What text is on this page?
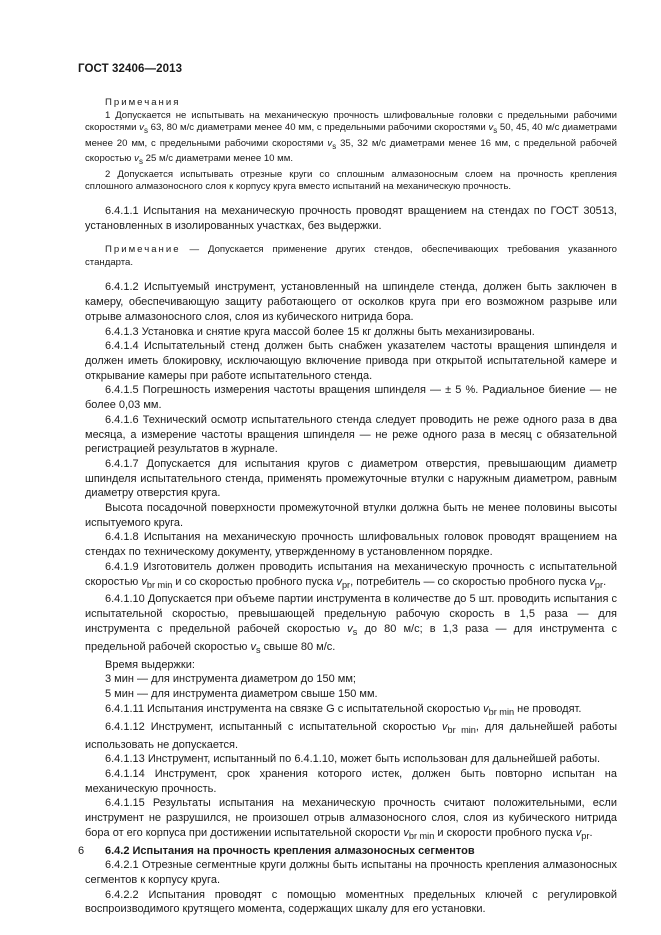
ГОСТ 32406—2013

Примечания

1 Допускается не испытывать на механическую прочность шлифовальные головки с предельными рабочими скоростями $v_s$ 63, 80 м/с диаметрами менее 40 мм, с предельными рабочими скоростями $v_s$ 50, 45, 40 м/с диаметрами менее 20 мм, с предельными рабочими скоростями $v_s$ 35, 32 м/с диаметрами менее 16 мм, с предельной рабочей скоростью $v_s$ 25 м/с диаметрами менее 10 мм.

2 Допускается испытывать отрезные круги со сплошным алмазоносным слоем на прочность крепления сплошного алмазоносного слоя к корпусу круга вместо испытаний на механическую прочность.

6.4.1.1 Испытания на механическую прочность проводят вращением на стендах по ГОСТ 30513, установленных в изолированных участках, без выдержки.

Примечание — Допускается применение других стендов, обеспечивающих требования указанного стандарта.

6.4.1.2 Испытуемый инструмент, установленный на шпинделе стенда, должен быть заключен в камеру, обеспечивающую защиту работающего от осколков круга при его возможном разрыве или отрыве алмазоносного слоя, слоя из кубического нитрида бора.

6.4.1.3 Установка и снятие круга массой более 15 кг должны быть механизированы.

6.4.1.4 Испытательный стенд должен быть снабжен указателем частоты вращения шпинделя и должен иметь блокировку, исключающую включение привода при открытой испытательной камере и открывание камеры при работе испытательного стенда.

6.4.1.5 Погрешность измерения частоты вращения шпинделя — ± 5 %. Радиальное биение — не более 0,03 мм.

6.4.1.6 Технический осмотр испытательного стенда следует проводить не реже одного раза в два месяца, а измерение частоты вращения шпинделя — не реже одного раза в месяц с обязательной регистрацией результатов в журнале.

6.4.1.7 Допускается для испытания кругов с диаметром отверстия, превышающим диаметр шпинделя испытательного стенда, применять промежуточные втулки с наружным диаметром, равным диаметру отверстия круга.

Высота посадочной поверхности промежуточной втулки должна быть не менее половины высоты испытуемого круга.

6.4.1.8 Испытания на механическую прочность шлифовальных головок проводят вращением на стендах по техническому документу, утвержденному в установленном порядке.

6.4.1.9 Изготовитель должен проводить испытания на механическую прочность с испытательной скоростью $v_{br min}$ и со скоростью пробного пуска $v_{pr}$, потребитель — со скоростью пробного пуска $v_{pr}$.

6.4.1.10 Допускается при объеме партии инструмента в количестве до 5 шт. проводить испытания с испытательной скоростью, превышающей предельную рабочую скорость в 1,5 раза — для инструмента с предельной рабочей скоростью $v_s$ до 80 м/с; в 1,3 раза — для инструмента с предельной рабочей скоростью $v_s$ свыше 80 м/с.

Время выдержки:

3 мин — для инструмента диаметром до 150 мм;

5 мин — для инструмента диаметром свыше 150 мм.

6.4.1.11 Испытания инструмента на связке G с испытательной скоростью $v_{br min}$ не проводят.

6.4.1.12 Инструмент, испытанный с испытательной скоростью $v_{br min}$, для дальнейшей работы использовать не допускается.

6.4.1.13 Инструмент, испытанный по 6.4.1.10, может быть использован для дальнейшей работы.

6.4.1.14 Инструмент, срок хранения которого истек, должен быть повторно испытан на механическую прочность.

6.4.1.15 Результаты испытания на механическую прочность считают положительными, если инструмент не разрушился, не произошел отрыв алмазоносного слоя, слоя из кубического нитрида бора от его корпуса при достижении испытательной скорости $v_{br min}$ и скорости пробного пуска $v_{pr}$.

6.4.2 Испытания на прочность крепления алмазоносных сегментов

6.4.2.1 Отрезные сегментные круги должны быть испытаны на прочность крепления алмазоносных сегментов к корпусу круга.

6.4.2.2 Испытания проводят с помощью моментных предельных ключей с регулировкой воспроизводимого крутящего момента, содержащих шкалу для его установки.

6
